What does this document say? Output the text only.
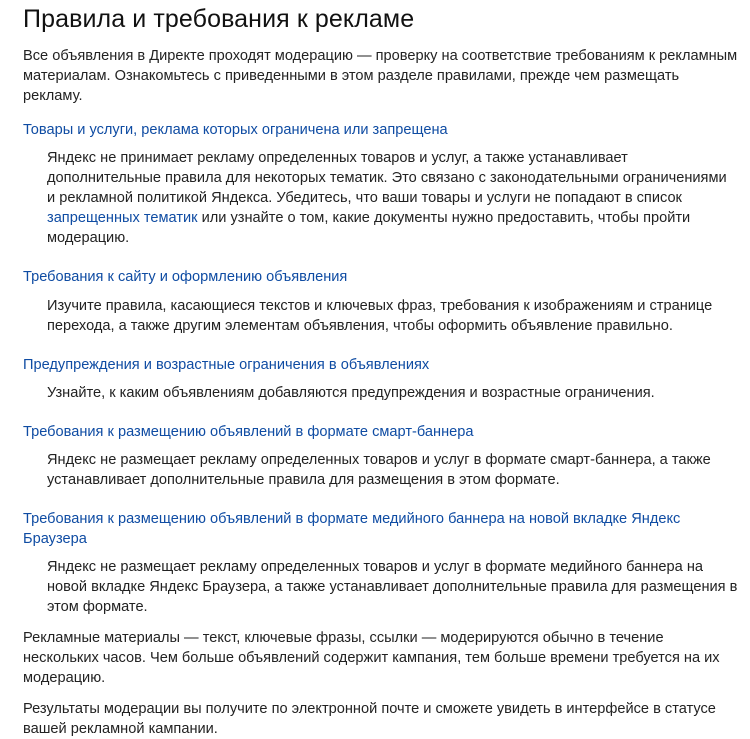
Правила и требования к рекламе

Все объявления в Директе проходят модерацию — проверку на соответствие требованиям к рекламным материалам. Ознакомьтесь с приведенными в этом разделе правилами, прежде чем размещать рекламу.

Товары и услуги, реклама которых ограничена или запрещена

Яндекс не принимает рекламу определенных товаров и услуг, а также устанавливает дополнительные правила для некоторых тематик. Это связано с законодательными ограничениями и рекламной политикой Яндекса. Убедитесь, что ваши товары и услуги не попадают в список запрещенных тематик или узнайте о том, какие документы нужно предоставить, чтобы пройти модерацию.

Требования к сайту и оформлению объявления

Изучите правила, касающиеся текстов и ключевых фраз, требования к изображениям и странице перехода, а также другим элементам объявления, чтобы оформить объявление правильно.

Предупреждения и возрастные ограничения в объявлениях

Узнайте, к каким объявлениям добавляются предупреждения и возрастные ограничения.

Требования к размещению объявлений в формате смарт-баннера

Яндекс не размещает рекламу определенных товаров и услуг в формате смарт-баннера, а также устанавливает дополнительные правила для размещения в этом формате.

Требования к размещению объявлений в формате медийного баннера на новой вкладке Яндекс Браузера

Яндекс не размещает рекламу определенных товаров и услуг в формате медийного баннера на новой вкладке Яндекс Браузера, а также устанавливает дополнительные правила для размещения в этом формате.

Рекламные материалы — текст, ключевые фразы, ссылки — модерируются обычно в течение нескольких часов. Чем больше объявлений содержит кампания, тем больше времени требуется на их модерацию.

Результаты модерации вы получите по электронной почте и сможете увидеть в интерфейсе в статусе вашей рекламной кампании.
